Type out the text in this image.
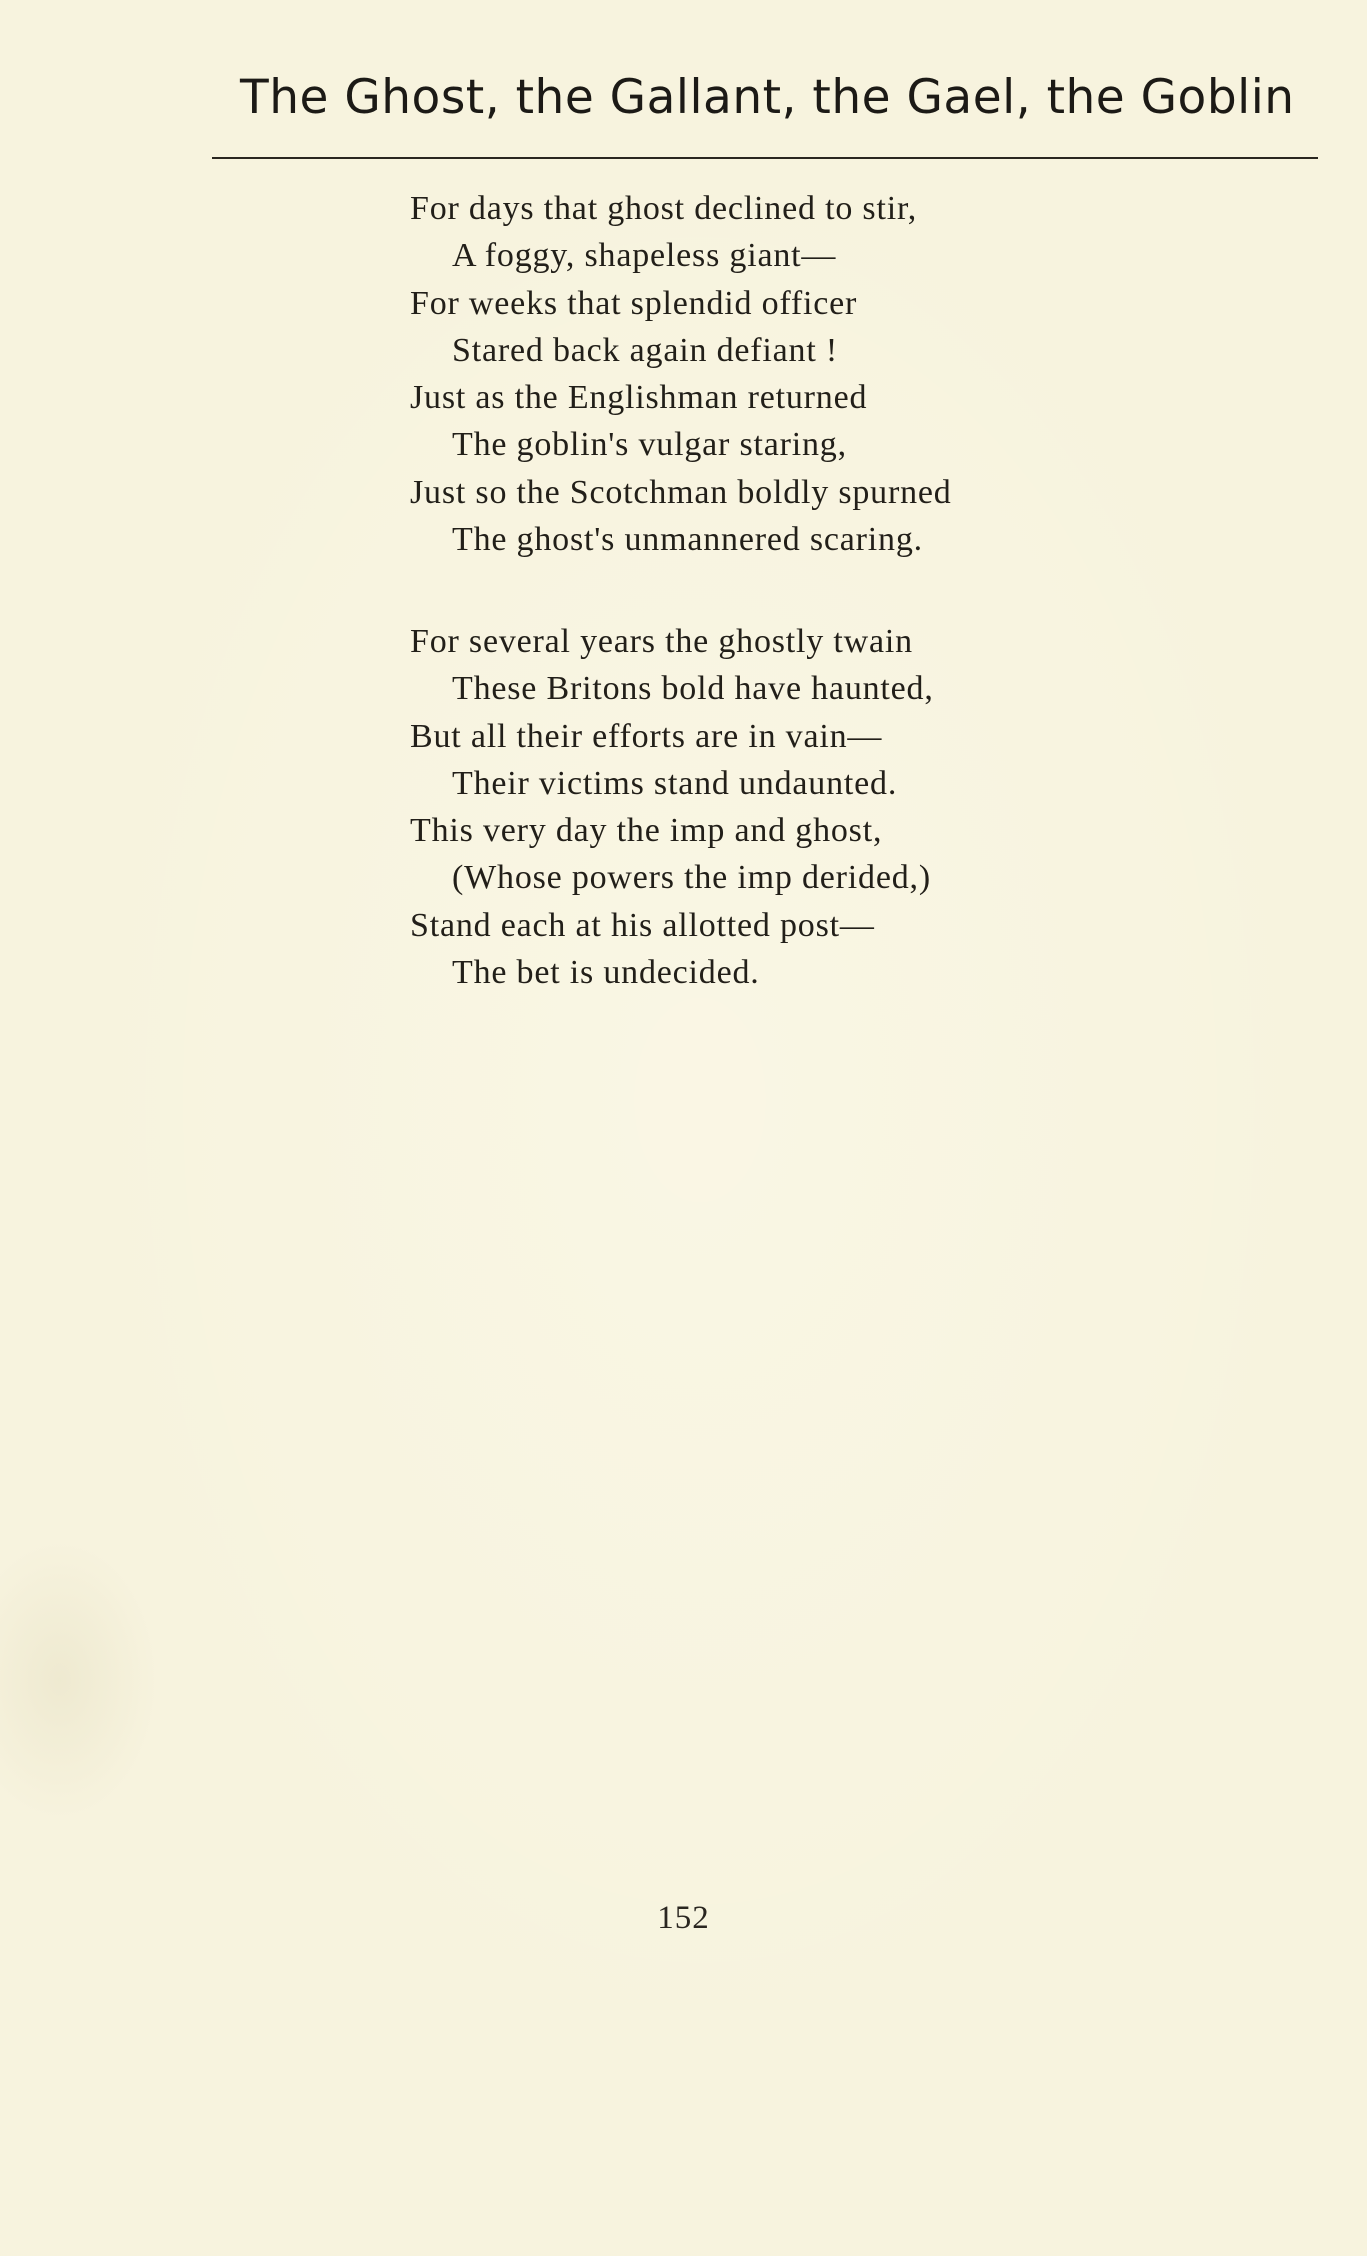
The Ghost, the Gallant, the Gael, the Goblin
For days that ghost declined to stir,
A foggy, shapeless giant—
For weeks that splendid officer
Stared back again defiant !
Just as the Englishman returned
The goblin's vulgar staring,
Just so the Scotchman boldly spurned
The ghost's unmannered scaring.
For several years the ghostly twain
These Britons bold have haunted,
But all their efforts are in vain—
Their victims stand undaunted.
This very day the imp and ghost,
(Whose powers the imp derided,)
Stand each at his allotted post—
The bet is undecided.
152
